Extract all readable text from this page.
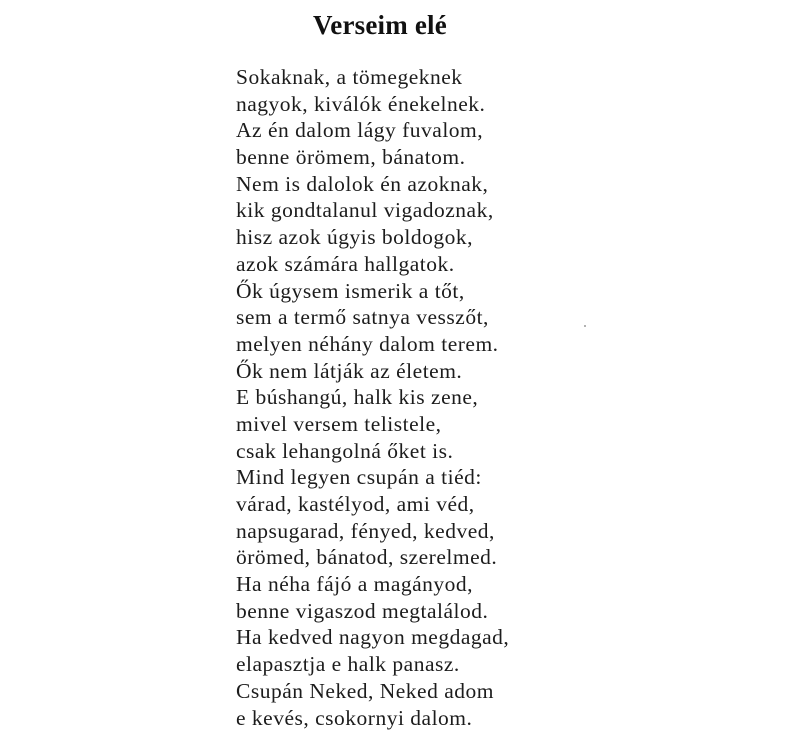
Verseim elé
Sokaknak, a tömegeknek
nagyok, kiválók énekelnek.
Az én dalom lágy fuvalom,
benne örömem, bánatom.
Nem is dalolok én azoknak,
kik gondtalanul vigadoznak,
hisz azok úgyis boldogok,
azok számára hallgatok.
Ők úgysem ismerik a tőt,
sem a termő satnya vesszőt,
melyen néhány dalom terem.
Ők nem látják az életem.
E búshangú, halk kis zene,
mivel versem telistele,
csak lehangolná őket is.
Mind legyen csupán a tiéd:
várad, kastélyod, ami véd,
napsugarad, fényed, kedved,
örömed, bánatod, szerelmed.
Ha néha fájó a magányod,
benne vigaszod megtalálod.
Ha kedved nagyon megdagad,
elapasztja e halk panasz.
Csupán Neked, Neked adom
e kevés, csokornyi dalom.
